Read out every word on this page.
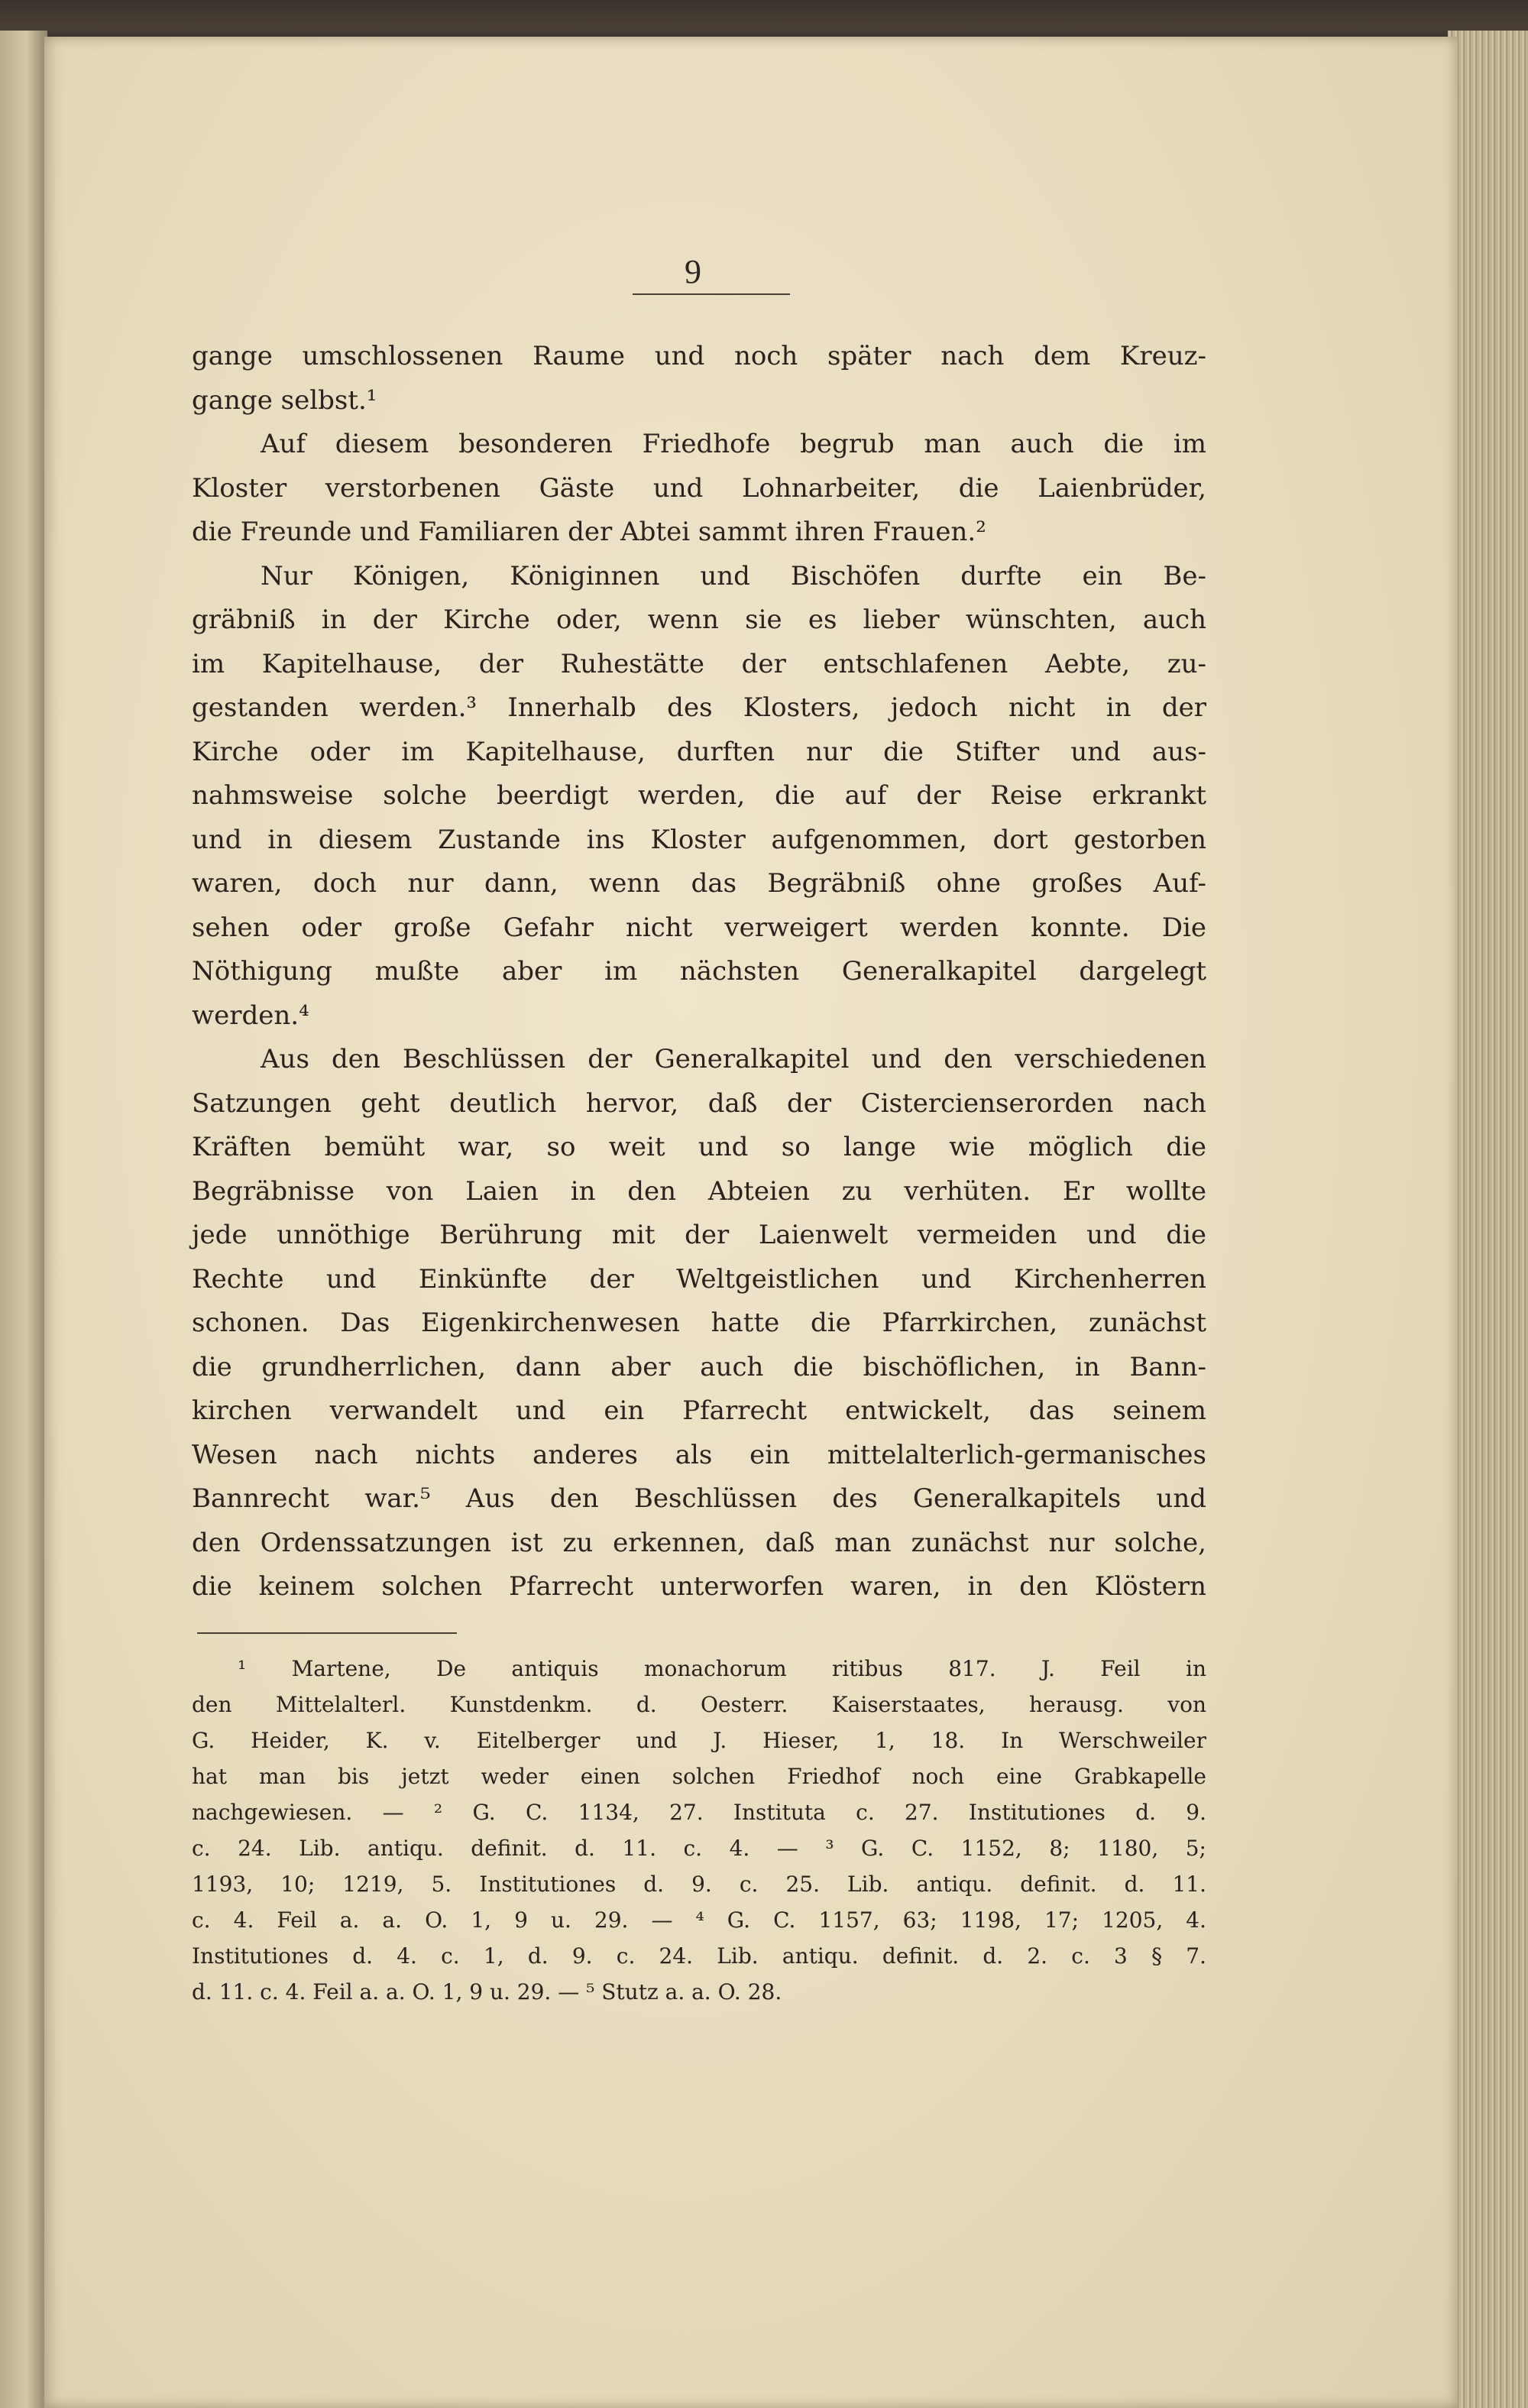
9
gange umschlossenen Raume und noch später nach dem Kreuz-
gange selbst.¹
Auf diesem besonderen Friedhofe begrub man auch die im
Kloster verstorbenen Gäste und Lohnarbeiter, die Laienbrüder,
die Freunde und Familiaren der Abtei sammt ihren Frauen.²
Nur Königen, Königinnen und Bischöfen durfte ein Be-
gräbniß in der Kirche oder, wenn sie es lieber wünschten, auch
im Kapitelhause, der Ruhestätte der entschlafenen Aebte, zu-
gestanden werden.³ Innerhalb des Klosters, jedoch nicht in der
Kirche oder im Kapitelhause, durften nur die Stifter und aus-
nahmsweise solche beerdigt werden, die auf der Reise erkrankt
und in diesem Zustande ins Kloster aufgenommen, dort gestorben
waren, doch nur dann, wenn das Begräbniß ohne großes Auf-
sehen oder große Gefahr nicht verweigert werden konnte. Die
Nöthigung mußte aber im nächsten Generalkapitel dargelegt
werden.⁴
Aus den Beschlüssen der Generalkapitel und den verschiedenen
Satzungen geht deutlich hervor, daß der Cistercienserorden nach
Kräften bemüht war, so weit und so lange wie möglich die
Begräbnisse von Laien in den Abteien zu verhüten. Er wollte
jede unnöthige Berührung mit der Laienwelt vermeiden und die
Rechte und Einkünfte der Weltgeistlichen und Kirchenherren
schonen. Das Eigenkirchenwesen hatte die Pfarrkirchen, zunächst
die grundherrlichen, dann aber auch die bischöflichen, in Bann-
kirchen verwandelt und ein Pfarrecht entwickelt, das seinem
Wesen nach nichts anderes als ein mittelalterlich-germanisches
Bannrecht war.⁵ Aus den Beschlüssen des Generalkapitels und
den Ordenssatzungen ist zu erkennen, daß man zunächst nur solche,
die keinem solchen Pfarrecht unterworfen waren, in den Klöstern
¹ Martene, De antiquis monachorum ritibus 817. J. Feil in
den Mittelalterl. Kunstdenkm. d. Oesterr. Kaiserstaates, herausg. von
G. Heider, K. v. Eitelberger und J. Hieser, 1, 18. In Werschweiler
hat man bis jetzt weder einen solchen Friedhof noch eine Grabkapelle
nachgewiesen. — ² G. C. 1134, 27. Instituta c. 27. Institutiones d. 9.
c. 24. Lib. antiqu. definit. d. 11. c. 4. — ³ G. C. 1152, 8; 1180, 5;
1193, 10; 1219, 5. Institutiones d. 9. c. 25. Lib. antiqu. definit. d. 11.
c. 4. Feil a. a. O. 1, 9 u. 29. — ⁴ G. C. 1157, 63; 1198, 17; 1205, 4.
Institutiones d. 4. c. 1, d. 9. c. 24. Lib. antiqu. definit. d. 2. c. 3 § 7.
d. 11. c. 4. Feil a. a. O. 1, 9 u. 29. — ⁵ Stutz a. a. O. 28.
